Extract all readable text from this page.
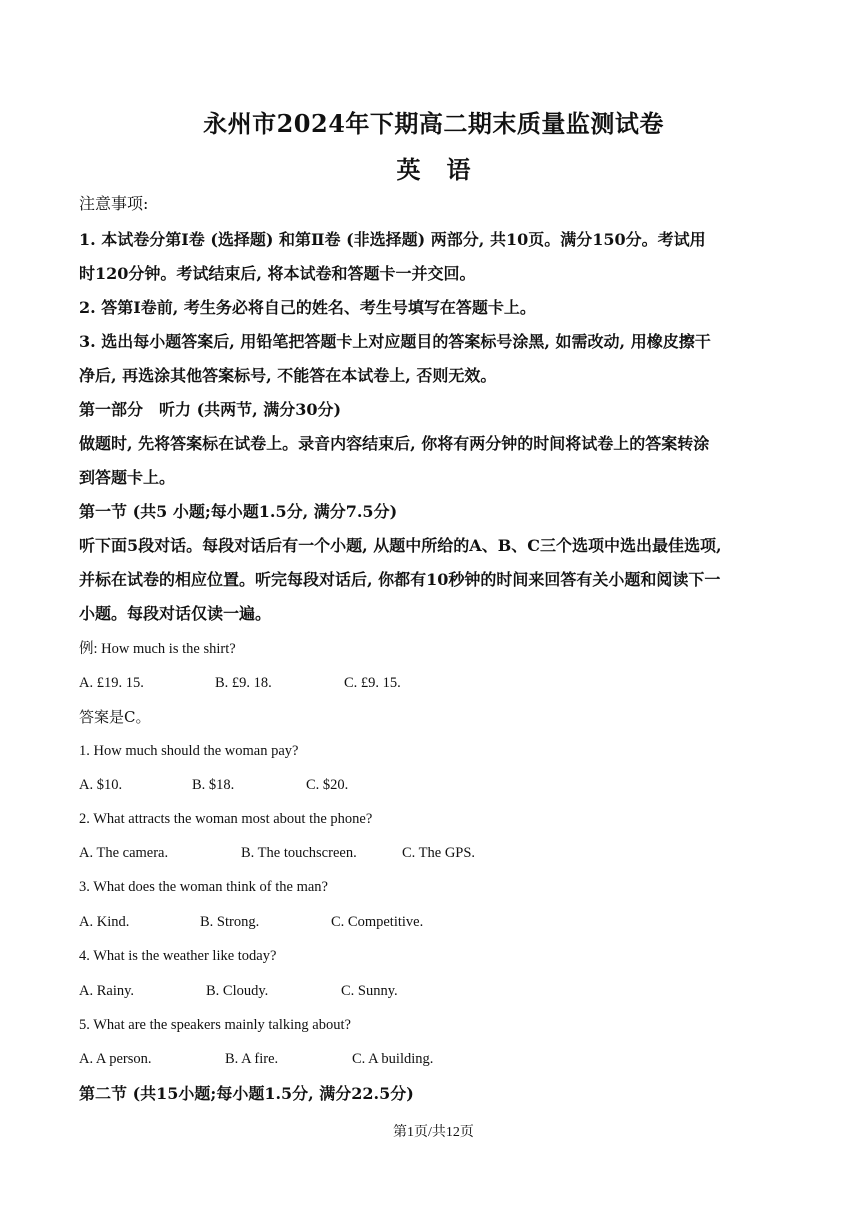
永州市2024年下期高二期末质量监测试卷
英语
注意事项:
1. 本试卷分第Ⅰ卷 (选择题) 和第Ⅱ卷 (非选择题) 两部分, 共10页。满分150分。考试用
时120分钟。考试结束后, 将本试卷和答题卡一并交回。
2. 答第Ⅰ卷前, 考生务必将自己的姓名、考生号填写在答题卡上。
3. 选出每小题答案后, 用铅笔把答题卡上对应题目的答案标号涂黑, 如需改动, 用橡皮擦干
净后, 再选涂其他答案标号, 不能答在本试卷上, 否则无效。
第一部分　听力 (共两节, 满分30分)
做题时, 先将答案标在试卷上。录音内容结束后, 你将有两分钟的时间将试卷上的答案转涂
到答题卡上。
第一节 (共5 小题;每小题1.5分, 满分7.5分)
听下面5段对话。每段对话后有一个小题, 从题中所给的A、B、C三个选项中选出最佳选项,
并标在试卷的相应位置。听完每段对话后, 你都有10秒钟的时间来回答有关小题和阅读下一
小题。每段对话仅读一遍。
例: How much is the shirt?
A. £19. 15.	B. £9. 18.	C. £9. 15.
答案是C。
1. How much should the woman pay?
A. $10.	B. $18.	C. $20.
2. What attracts the woman most about the phone?
A. The camera.	B. The touchscreen.	C. The GPS.
3. What does the woman think of the man?
A. Kind.	B. Strong.	C. Competitive.
4. What is the weather like today?
A. Rainy.	B. Cloudy.	C. Sunny.
5. What are the speakers mainly talking about?
A. A person.	B. A fire.	C. A building.
第二节 (共15小题;每小题1.5分, 满分22.5分)
第1页/共12页
